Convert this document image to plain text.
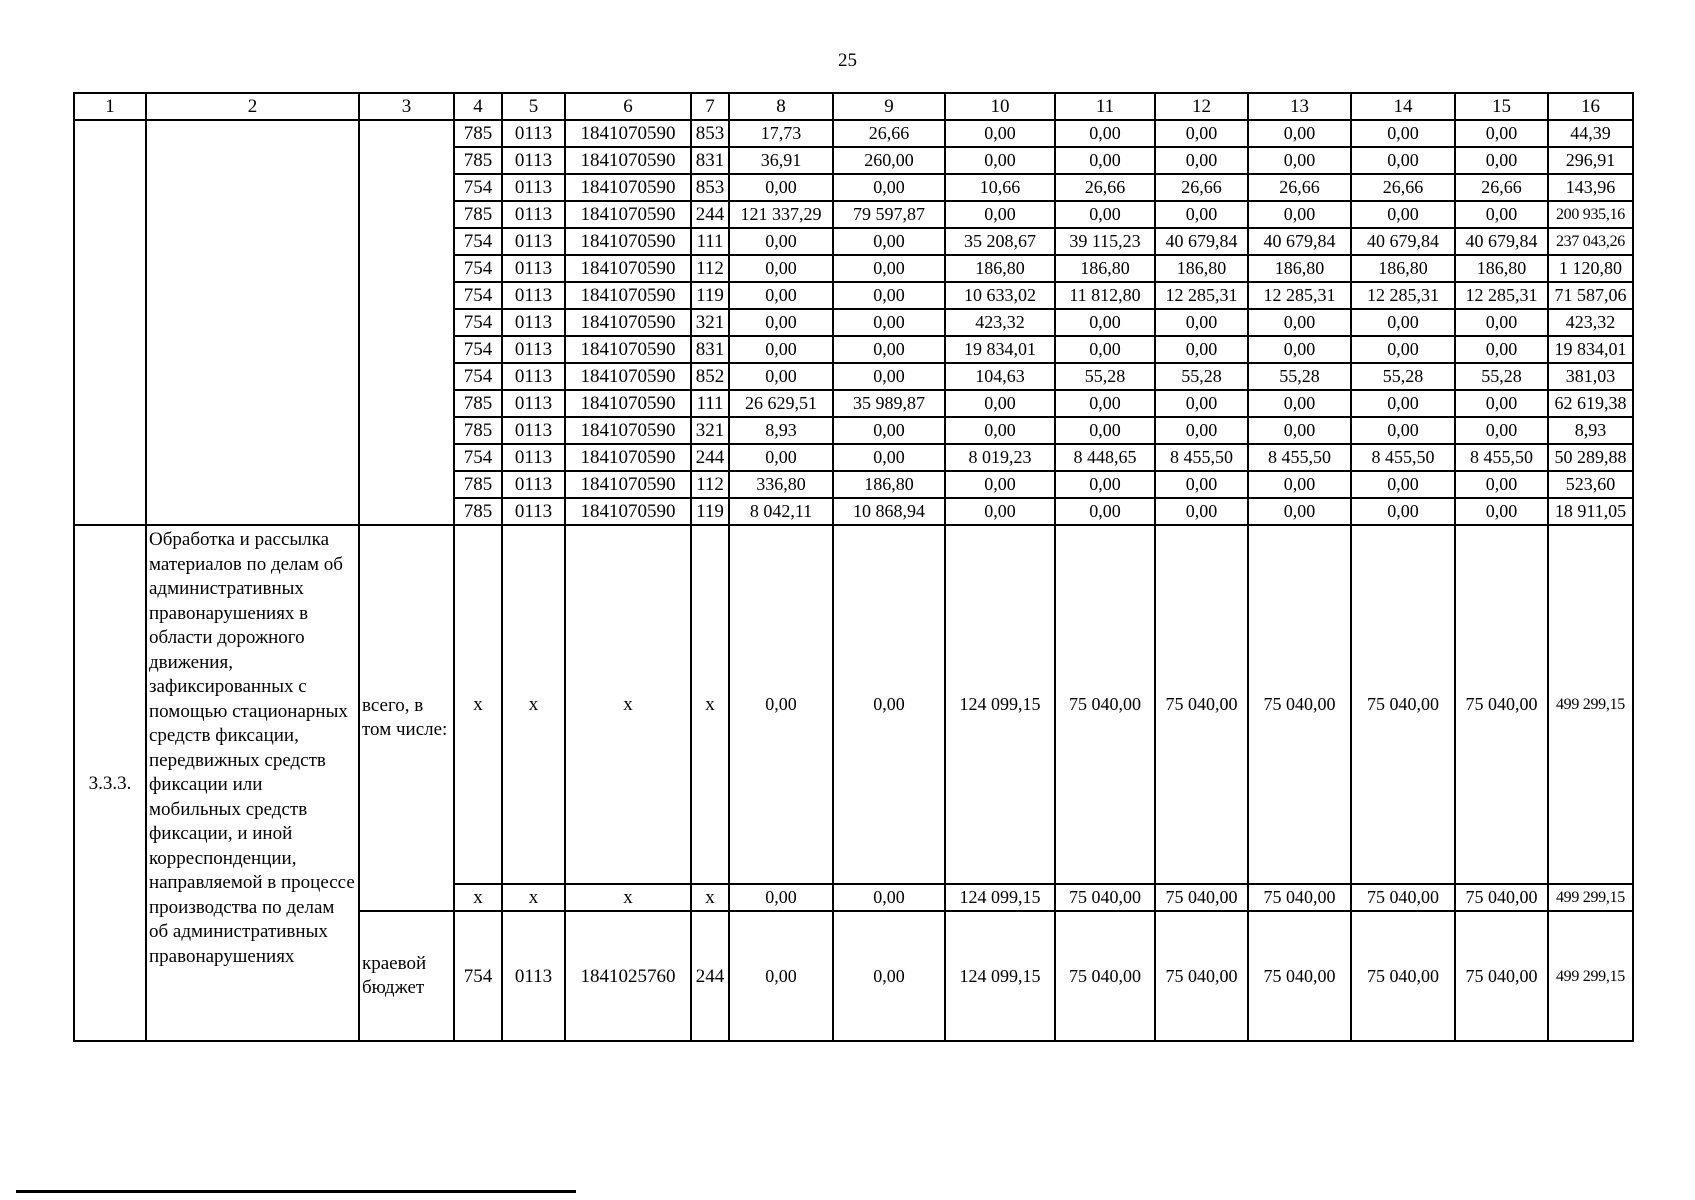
25
1	2	3	4	5	6	7	8	9	10	11	12	13	14	15	16
			785	0113	1841070590	853	17,73	26,66	0,00	0,00	0,00	0,00	0,00	0,00	44,39
			785	0113	1841070590	831	36,91	260,00	0,00	0,00	0,00	0,00	0,00	0,00	296,91
			754	0113	1841070590	853	0,00	0,00	10,66	26,66	26,66	26,66	26,66	26,66	143,96
			785	0113	1841070590	244	121 337,29	79 597,87	0,00	0,00	0,00	0,00	0,00	0,00	200 935,16
			754	0113	1841070590	111	0,00	0,00	35 208,67	39 115,23	40 679,84	40 679,84	40 679,84	40 679,84	237 043,26
			754	0113	1841070590	112	0,00	0,00	186,80	186,80	186,80	186,80	186,80	186,80	1 120,80
			754	0113	1841070590	119	0,00	0,00	10 633,02	11 812,80	12 285,31	12 285,31	12 285,31	12 285,31	71 587,06
			754	0113	1841070590	321	0,00	0,00	423,32	0,00	0,00	0,00	0,00	0,00	423,32
			754	0113	1841070590	831	0,00	0,00	19 834,01	0,00	0,00	0,00	0,00	0,00	19 834,01
			754	0113	1841070590	852	0,00	0,00	104,63	55,28	55,28	55,28	55,28	55,28	381,03
			785	0113	1841070590	111	26 629,51	35 989,87	0,00	0,00	0,00	0,00	0,00	0,00	62 619,38
			785	0113	1841070590	321	8,93	0,00	0,00	0,00	0,00	0,00	0,00	0,00	8,93
			754	0113	1841070590	244	0,00	0,00	8 019,23	8 448,65	8 455,50	8 455,50	8 455,50	8 455,50	50 289,88
			785	0113	1841070590	112	336,80	186,80	0,00	0,00	0,00	0,00	0,00	0,00	523,60
			785	0113	1841070590	119	8 042,11	10 868,94	0,00	0,00	0,00	0,00	0,00	0,00	18 911,05
3.3.3.	Обработка и рассылка материалов по делам об административных правонарушениях в области дорожного движения, зафиксированных с помощью стационарных средств фиксации, передвижных средств фиксации или мобильных средств фиксации, и иной корреспонденции, направляемой в процессе производства по делам об административных правонарушениях	всего, в том числе:	x	x	x	x	0,00	0,00	124 099,15	75 040,00	75 040,00	75 040,00	75 040,00	75 040,00	499 299,15
			x	x	x	x	0,00	0,00	124 099,15	75 040,00	75 040,00	75 040,00	75 040,00	75 040,00	499 299,15
		краевой бюджет	754	0113	1841025760	244	0,00	0,00	124 099,15	75 040,00	75 040,00	75 040,00	75 040,00	75 040,00	499 299,15
